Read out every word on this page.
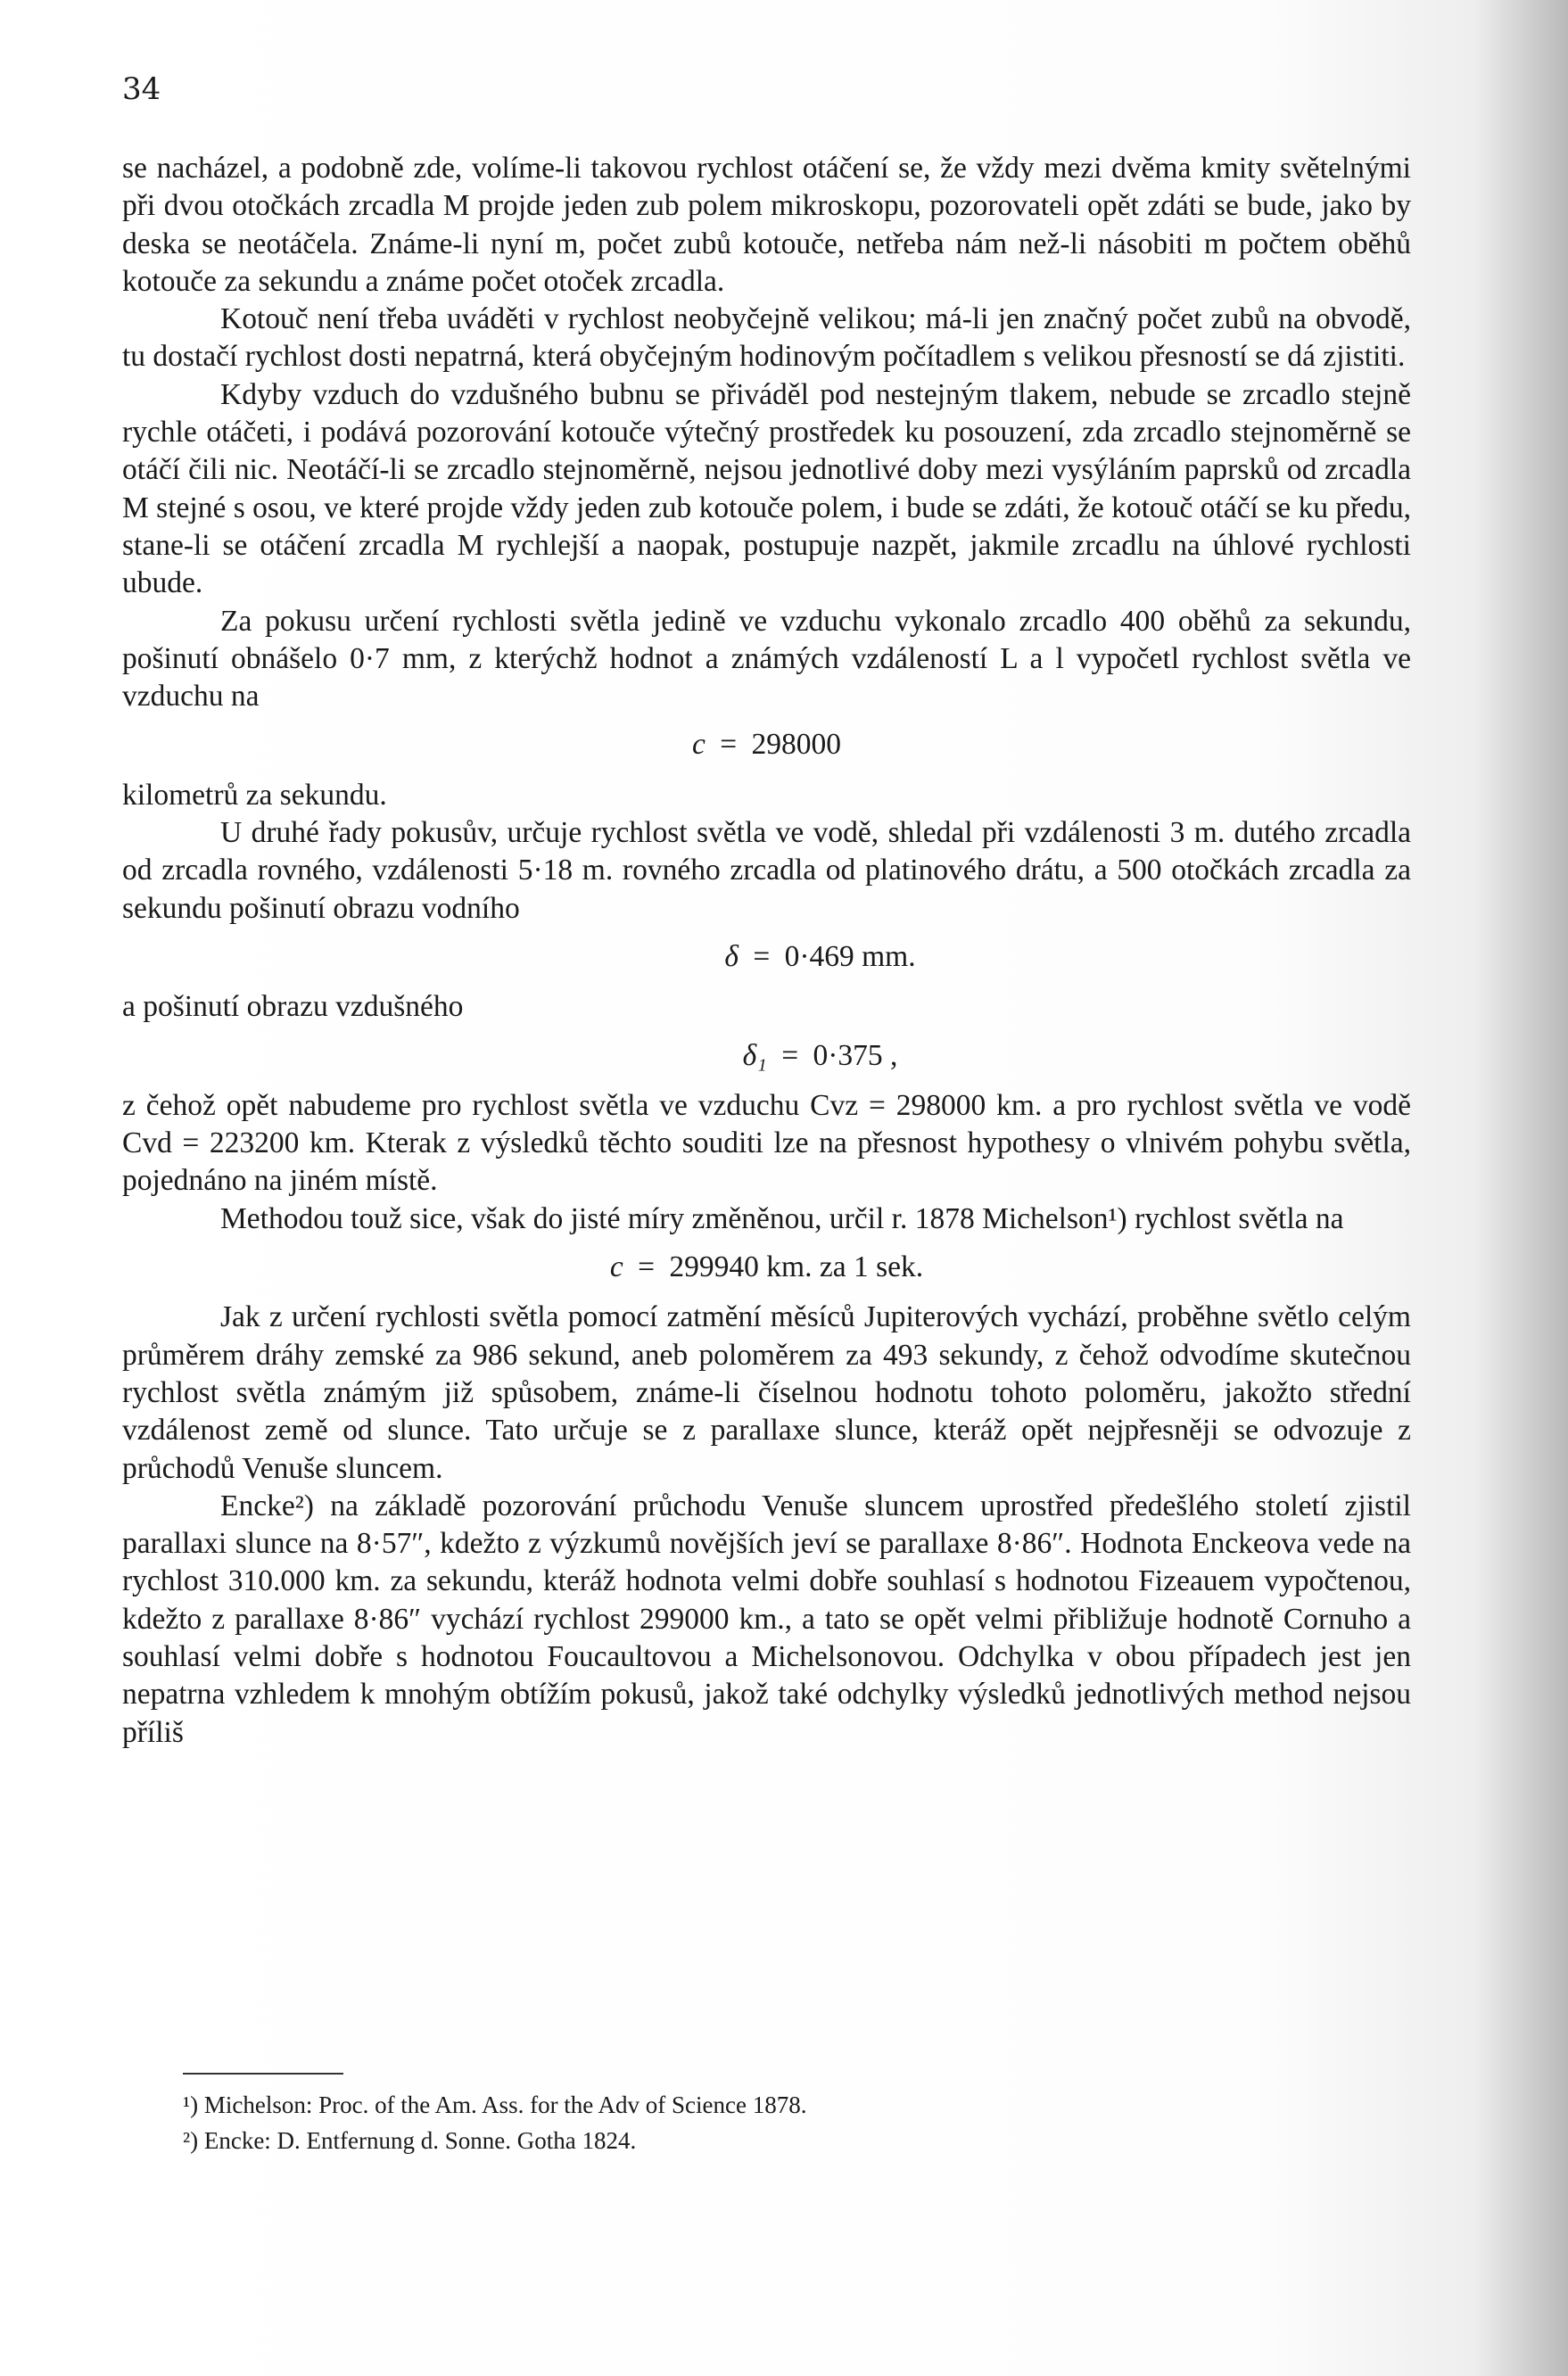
34

se nacházel, a podobně zde, volíme-li takovou rychlost otáčení se, že vždy mezi dvěma kmity světelnými při dvou otočkách zrcadla M projde jeden zub polem mikroskopu, pozorovateli opět zdáti se bude, jako by deska se neotáčela. Známe-li nyní m, počet zubů kotouče, netřeba nám než-li násobiti m počtem oběhů kotouče za sekundu a známe počet otoček zrcadla.

Kotouč není třeba uváděti v rychlost neobyčejně velikou; má-li jen značný počet zubů na obvodě, tu dostačí rychlost dosti nepatrná, která obyčejným hodinovým počítadlem s velikou přesností se dá zjistiti.

Kdyby vzduch do vzdušného bubnu se přiváděl pod nestejným tlakem, nebude se zrcadlo stejně rychle otáčeti, i podává pozorování kotouče výtečný prostředek ku posouzení, zda zrcadlo stejnoměrně se otáčí čili nic. Neotáčí-li se zrcadlo stejnoměrně, nejsou jednotlivé doby mezi vysýláním paprsků od zrcadla M stejné s osou, ve které projde vždy jeden zub kotouče polem, i bude se zdáti, že kotouč otáčí se ku předu, stane-li se otáčení zrcadla M rychlejší a naopak, postupuje nazpět, jakmile zrcadlu na úhlové rychlosti ubude.

Za pokusu určení rychlosti světla jedině ve vzduchu vykonalo zrcadlo 400 oběhů za sekundu, pošinutí obnášelo 0·7 mm, z kterýchž hodnot a známých vzdáleností L a l vypočetl rychlost světla ve vzduchu na

c = 298000

kilometrů za sekundu.

U druhé řady pokusův, určuje rychlost světla ve vodě, shledal při vzdálenosti 3 m. dutého zrcadla od zrcadla rovného, vzdálenosti 5·18 m. rovného zrcadla od platinového drátu, a 500 otočkách zrcadla za sekundu pošinutí obrazu vodního

δ = 0·469 mm.

a pošinutí obrazu vzdušného

δ₁ = 0·375 ,

z čehož opět nabudeme pro rychlost světla ve vzduchu Cvz = 298000 km. a pro rychlost světla ve vodě Cvd = 223200 km. Kterak z výsledků těchto souditi lze na přesnost hypothesy o vlnivém pohybu světla, pojednáno na jiném místě.

Methodou touž sice, však do jisté míry změněnou, určil r. 1878 Michelson¹) rychlost světla na

c = 299940 km. za 1 sek.

Jak z určení rychlosti světla pomocí zatmění měsíců Jupiterových vychází, proběhne světlo celým průměrem dráhy zemské za 986 sekund, aneb poloměrem za 493 sekundy, z čehož odvodíme skutečnou rychlost světla známým již spůsobem, známe-li číselnou hodnotu tohoto poloměru, jakožto střední vzdálenost země od slunce. Tato určuje se z parallaxe slunce, kteráž opět nejpřesněji se odvozuje z průchodů Venuše sluncem.

Encke²) na základě pozorování průchodu Venuše sluncem uprostřed předešlého století zjistil parallaxi slunce na 8·57″, kdežto z výzkumů novějších jeví se parallaxe 8·86″. Hodnota Enckeova vede na rychlost 310.000 km. za sekundu, kteráž hodnota velmi dobře souhlasí s hodnotou Fizeauem vypočtenou, kdežto z parallaxe 8·86″ vychází rychlost 299000 km., a tato se opět velmi přibližuje hodnotě Cornuho a souhlasí velmi dobře s hodnotou Foucaultovou a Michelsonovou. Odchylka v obou případech jest jen nepatrna vzhledem k mnohým obtížím pokusů, jakož také odchylky výsledků jednotlivých method nejsou příliš

¹) Michelson: Proc. of the Am. Ass. for the Adv of Science 1878.
²) Encke: D. Entfernung d. Sonne. Gotha 1824.
